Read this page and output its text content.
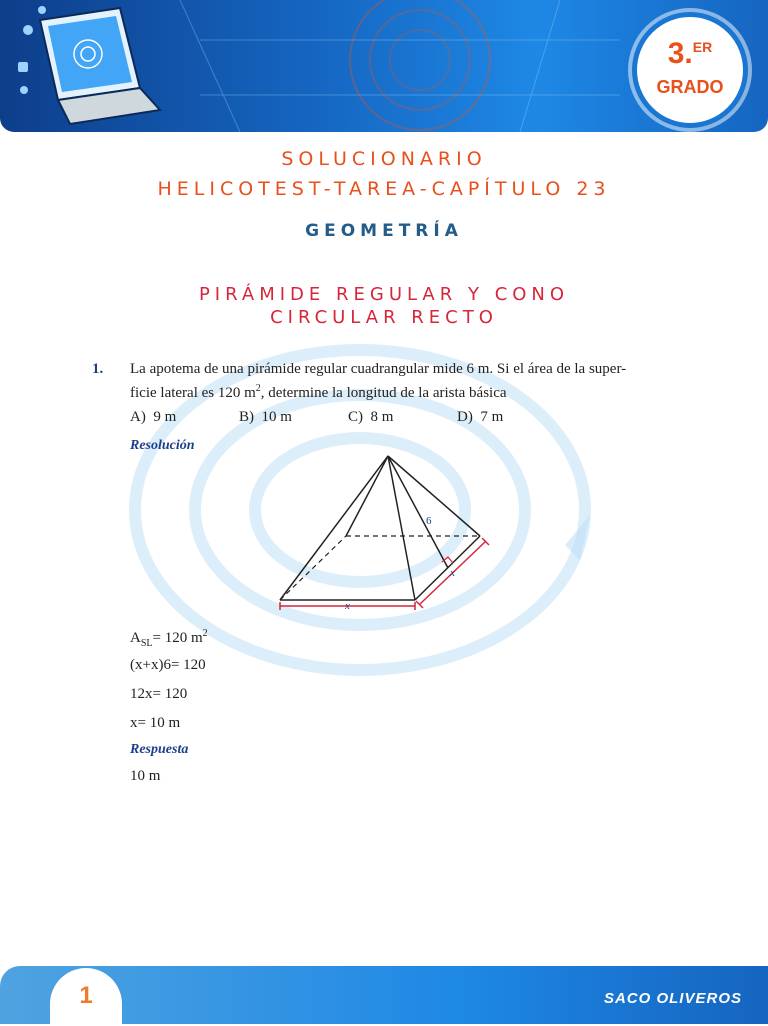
3.$^{ER}$
GRADO
SOLUCIONARIO
HELICOTEST-TAREA-CAPÍTULO 23
GEOMETRÍA
PIRÁMIDE REGULAR Y CONO
CIRCULAR RECTO
1. La apotema de una pirámide regular cuadrangular mide 6 m. Si el área de la super-
ficie lateral es 120 $m^2$, determine la longitud de la arista básica
A) 9 m	B) 10 m	C) 8 m	D) 7 m
Resolución
6
x
x
$A_{SL}= 120$ $m^2$
(x+x)6= 120
12x= 120
x= 10 m
Respuesta
10 m
1	SACO OLIVEROS
